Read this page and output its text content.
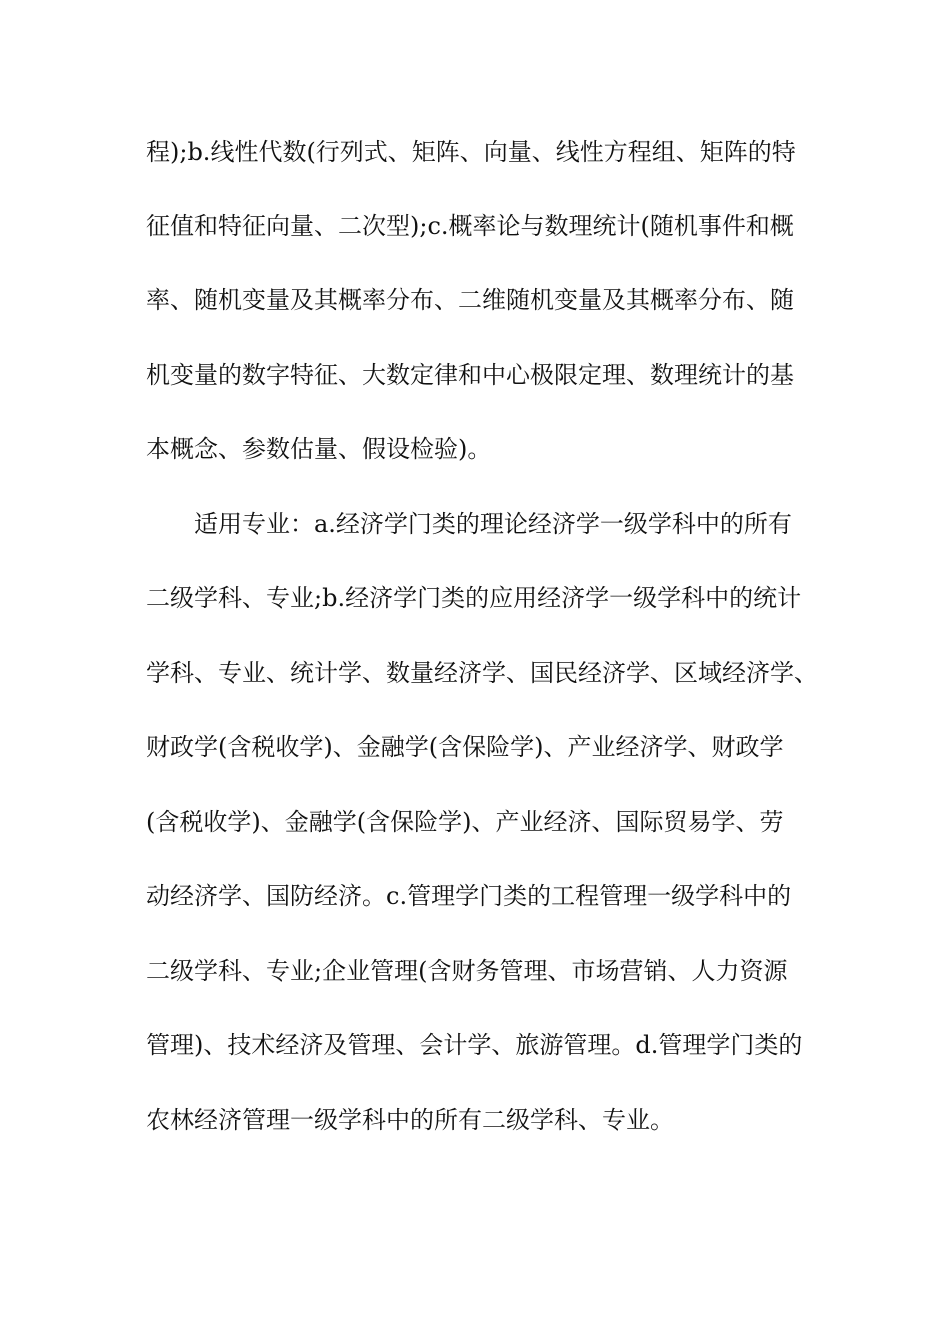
程);b.线性代数(行列式、矩阵、向量、线性方程组、矩阵的特
征值和特征向量、二次型);c.概率论与数理统计(随机事件和概
率、随机变量及其概率分布、二维随机变量及其概率分布、随
机变量的数字特征、大数定律和中心极限定理、数理统计的基
本概念、参数估量、假设检验)。
适用专业：a.经济学门类的理论经济学一级学科中的所有
二级学科、专业;b.经济学门类的应用经济学一级学科中的统计
学科、专业、统计学、数量经济学、国民经济学、区域经济学、
财政学(含税收学)、金融学(含保险学)、产业经济学、财政学
(含税收学)、金融学(含保险学)、产业经济、国际贸易学、劳
动经济学、国防经济。c.管理学门类的工程管理一级学科中的
二级学科、专业;企业管理(含财务管理、市场营销、人力资源
管理)、技术经济及管理、会计学、旅游管理。d.管理学门类的
农林经济管理一级学科中的所有二级学科、专业。
